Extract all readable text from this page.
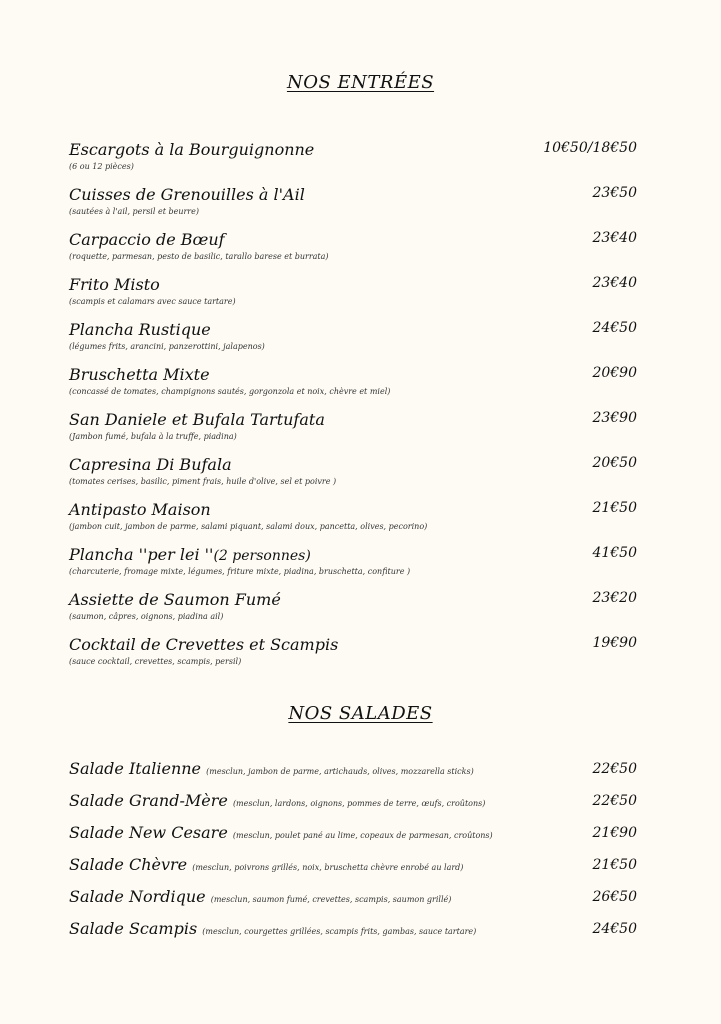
NOS ENTRÉES
Escargots à la Bourguignonne
(6 ou 12 pièces)
10€50/18€50
Cuisses de Grenouilles à l'Ail
(sautées à l'ail, persil et beurre)
23€50
Carpaccio de Bœuf
(roquette, parmesan, pesto de basilic, tarallo barese et burrata)
23€40
Frito Misto
(scampis et calamars avec sauce tartare)
23€40
Plancha Rustique
(légumes frits, arancini, panzerottini, jalapenos)
24€50
Bruschetta Mixte
(concassé de tomates, champignons sautés, gorgonzola et noix, chèvre et miel)
20€90
San Daniele et Bufala Tartufata
(Jambon fumé, bufala à la truffe, piadina)
23€90
Capresina Di Bufala
(tomates cerises, basilic, piment frais, huile d'olive, sel et poivre )
20€50
Antipasto Maison
(jambon cuit, jambon de parme, salami piquant, salami doux, pancetta, olives, pecorino)
21€50
Plancha ''per lei ''(2 personnes)
(charcuterie, fromage mixte, légumes, friture mixte, piadina, bruschetta, confiture )
41€50
Assiette de Saumon Fumé
(saumon, câpres, oignons, piadina ail)
23€20
Cocktail de Crevettes et Scampis
(sauce cocktail, crevettes, scampis, persil)
19€90
NOS SALADES
Salade Italienne (mesclun, jambon de parme, artichauds, olives, mozzarella sticks)	22€50
Salade Grand-Mère (mesclun, lardons, oignons, pommes de terre, œufs, croûtons)	22€50
Salade New Cesare (mesclun, poulet pané au lime, copeaux de parmesan, croûtons)	21€90
Salade Chèvre (mesclun, poivrons grillés, noix, bruschetta chèvre enrobé au lard)	21€50
Salade Nordique (mesclun, saumon fumé, crevettes, scampis, saumon grillé)	26€50
Salade Scampis (mesclun, courgettes grillées, scampis frits, gambas, sauce tartare)	24€50
